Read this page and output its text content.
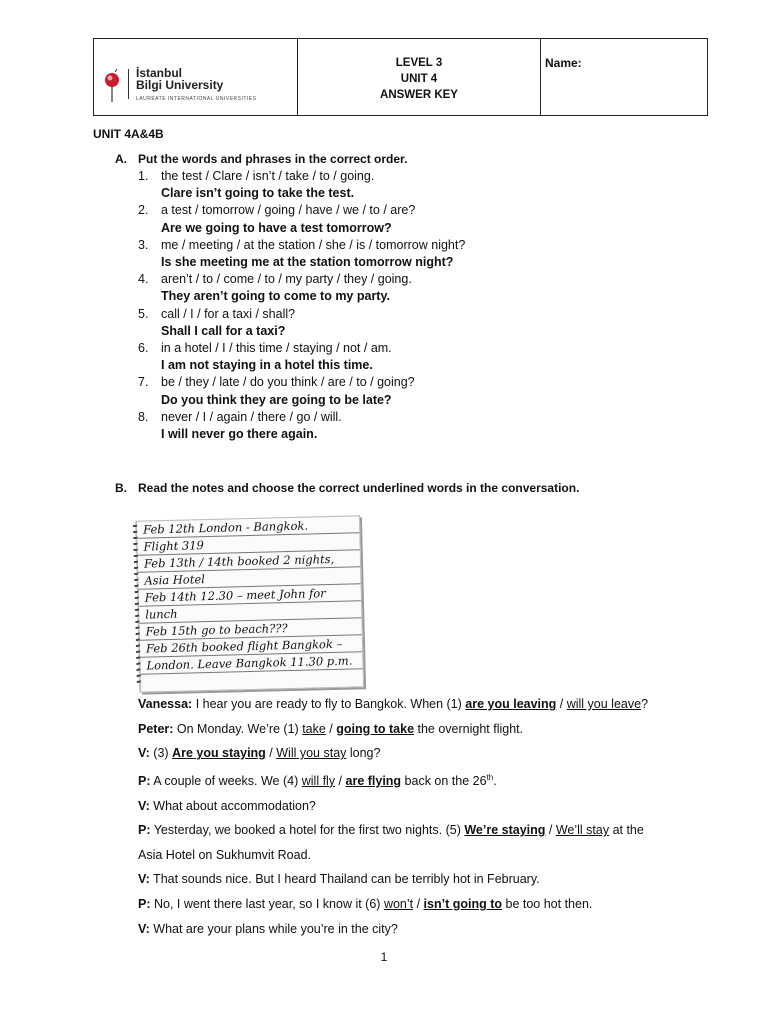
İstanbul
Bilgi University
LAUREATE INTERNATIONAL UNIVERSITIES
LEVEL 3
UNIT 4
ANSWER KEY
Name:
UNIT 4A&4B
A. Put the words and phrases in the correct order.
1.	the test / Clare / isn’t / take / to / going.
Clare isn’t going to take the test.
2.	a test / tomorrow / going / have / we / to / are?
Are we going to have a test tomorrow?
3.	me / meeting / at the station / she / is / tomorrow night?
Is she meeting me at the station tomorrow night?
4.	aren’t / to / come / to / my party / they / going.
They aren’t going to come to my party.
5.	call / I / for a taxi / shall?
Shall I call for a taxi?
6.	in a hotel / I / this time / staying / not / am.
I am not staying in a hotel this time.
7.	be / they / late / do you think / are / to / going?
Do you think they are going to be late?
8.	never / I / again / there / go / will.
I will never go there again.
B. Read the notes and choose the correct underlined words in the conversation.
Feb 12th London - Bangkok.
Flight 319
Feb 13th / 14th booked 2 nights,
Asia Hotel
Feb 14th 12.30 – meet John for
lunch
Feb 15th go to beach???
Feb 26th booked flight Bangkok –
London. Leave Bangkok 11.30 p.m.
Vanessa: I hear you are ready to fly to Bangkok. When (1) are you leaving / will you leave?
Peter: On Monday. We’re (1) take / going to take the overnight flight.
V: (3) Are you staying / Will you stay long?
P: A couple of weeks. We (4) will fly / are flying back on the 26th.
V: What about accommodation?
P: Yesterday, we booked a hotel for the first two nights. (5) We’re staying / We’ll stay at the
Asia Hotel on Sukhumvit Road.
V: That sounds nice. But I heard Thailand can be terribly hot in February.
P: No, I went there last year, so I know it (6) won’t / isn’t going to be too hot then.
V: What are your plans while you’re in the city?
1
